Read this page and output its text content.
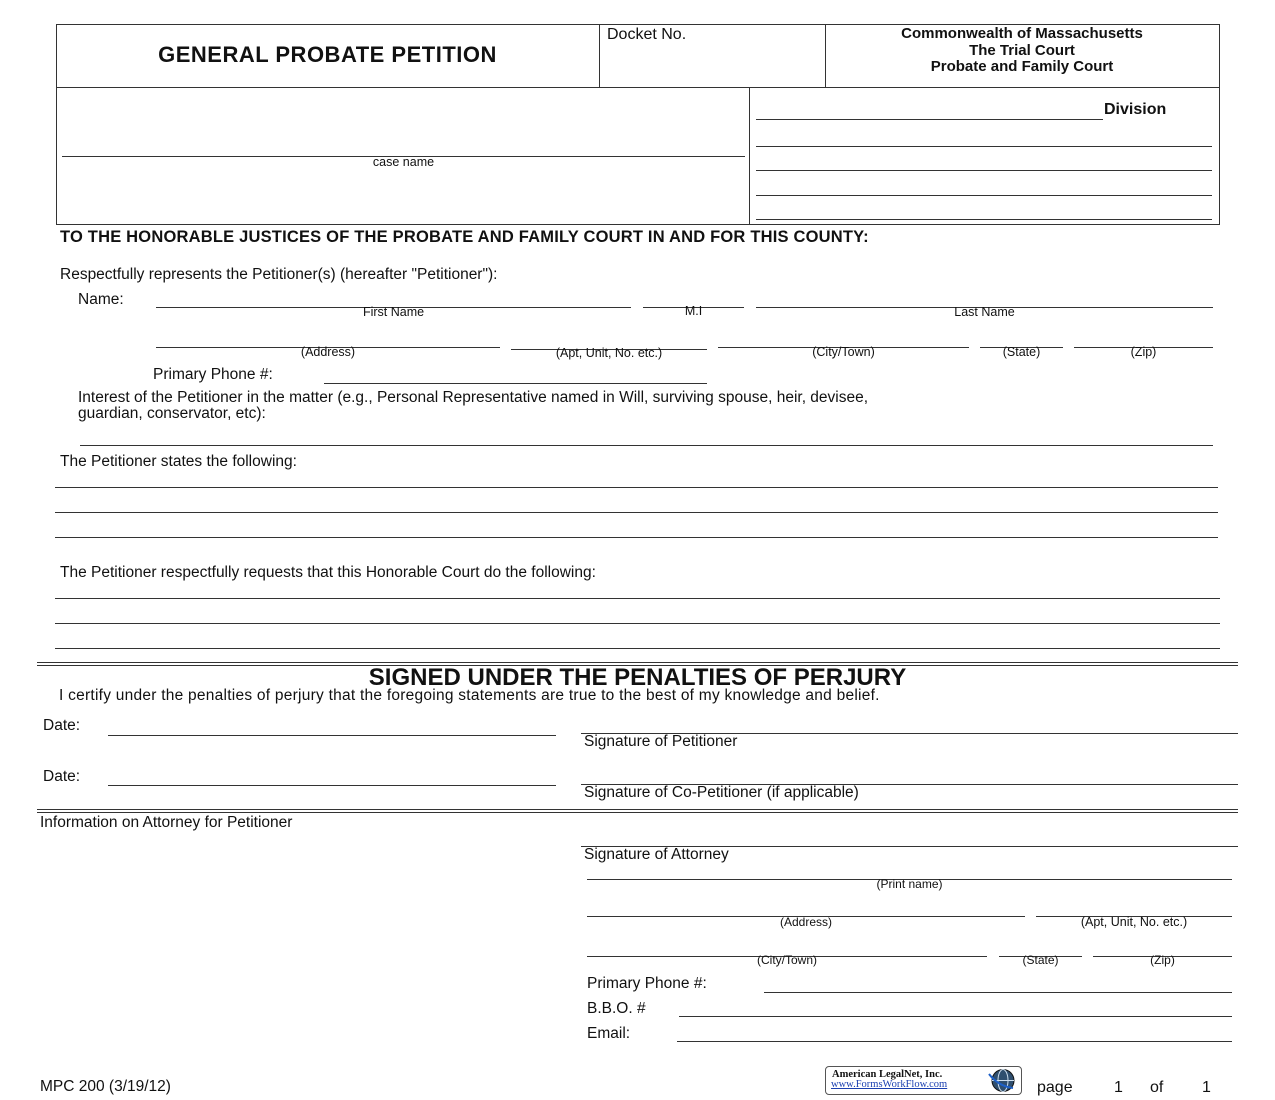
GENERAL PROBATE PETITION
Docket No.	Commonwealth of Massachusetts
The Trial Court
Probate and Family Court
case name
Division
TO THE HONORABLE JUSTICES OF THE PROBATE AND FAMILY COURT IN AND FOR THIS COUNTY:
Respectfully represents the Petitioner(s) (hereafter "Petitioner"):
Name:
First Name	M.I	Last Name
(Address)	(Apt, Unit, No. etc.)	(City/Town)	(State)	(Zip)
Primary Phone #:
Interest of the Petitioner in the matter (e.g., Personal Representative named in Will, surviving spouse, heir, devisee,
guardian, conservator, etc):
The Petitioner states the following:
The Petitioner respectfully requests that this Honorable Court do the following:
SIGNED UNDER THE PENALTIES OF PERJURY
I certify under the penalties of perjury that the foregoing statements are true to the best of my knowledge and belief.
Date:
Signature of Petitioner
Date:
Signature of Co-Petitioner (if applicable)
Information on Attorney for Petitioner
Signature of Attorney
(Print name)
(Address)	(Apt, Unit, No. etc.)
(City/Town)	(State)	(Zip)
Primary Phone #:
B.B.O. #
Email:
MPC 200 (3/19/12)
American LegalNet, Inc.
www.FormsWorkFlow.com	page	1 of 1
